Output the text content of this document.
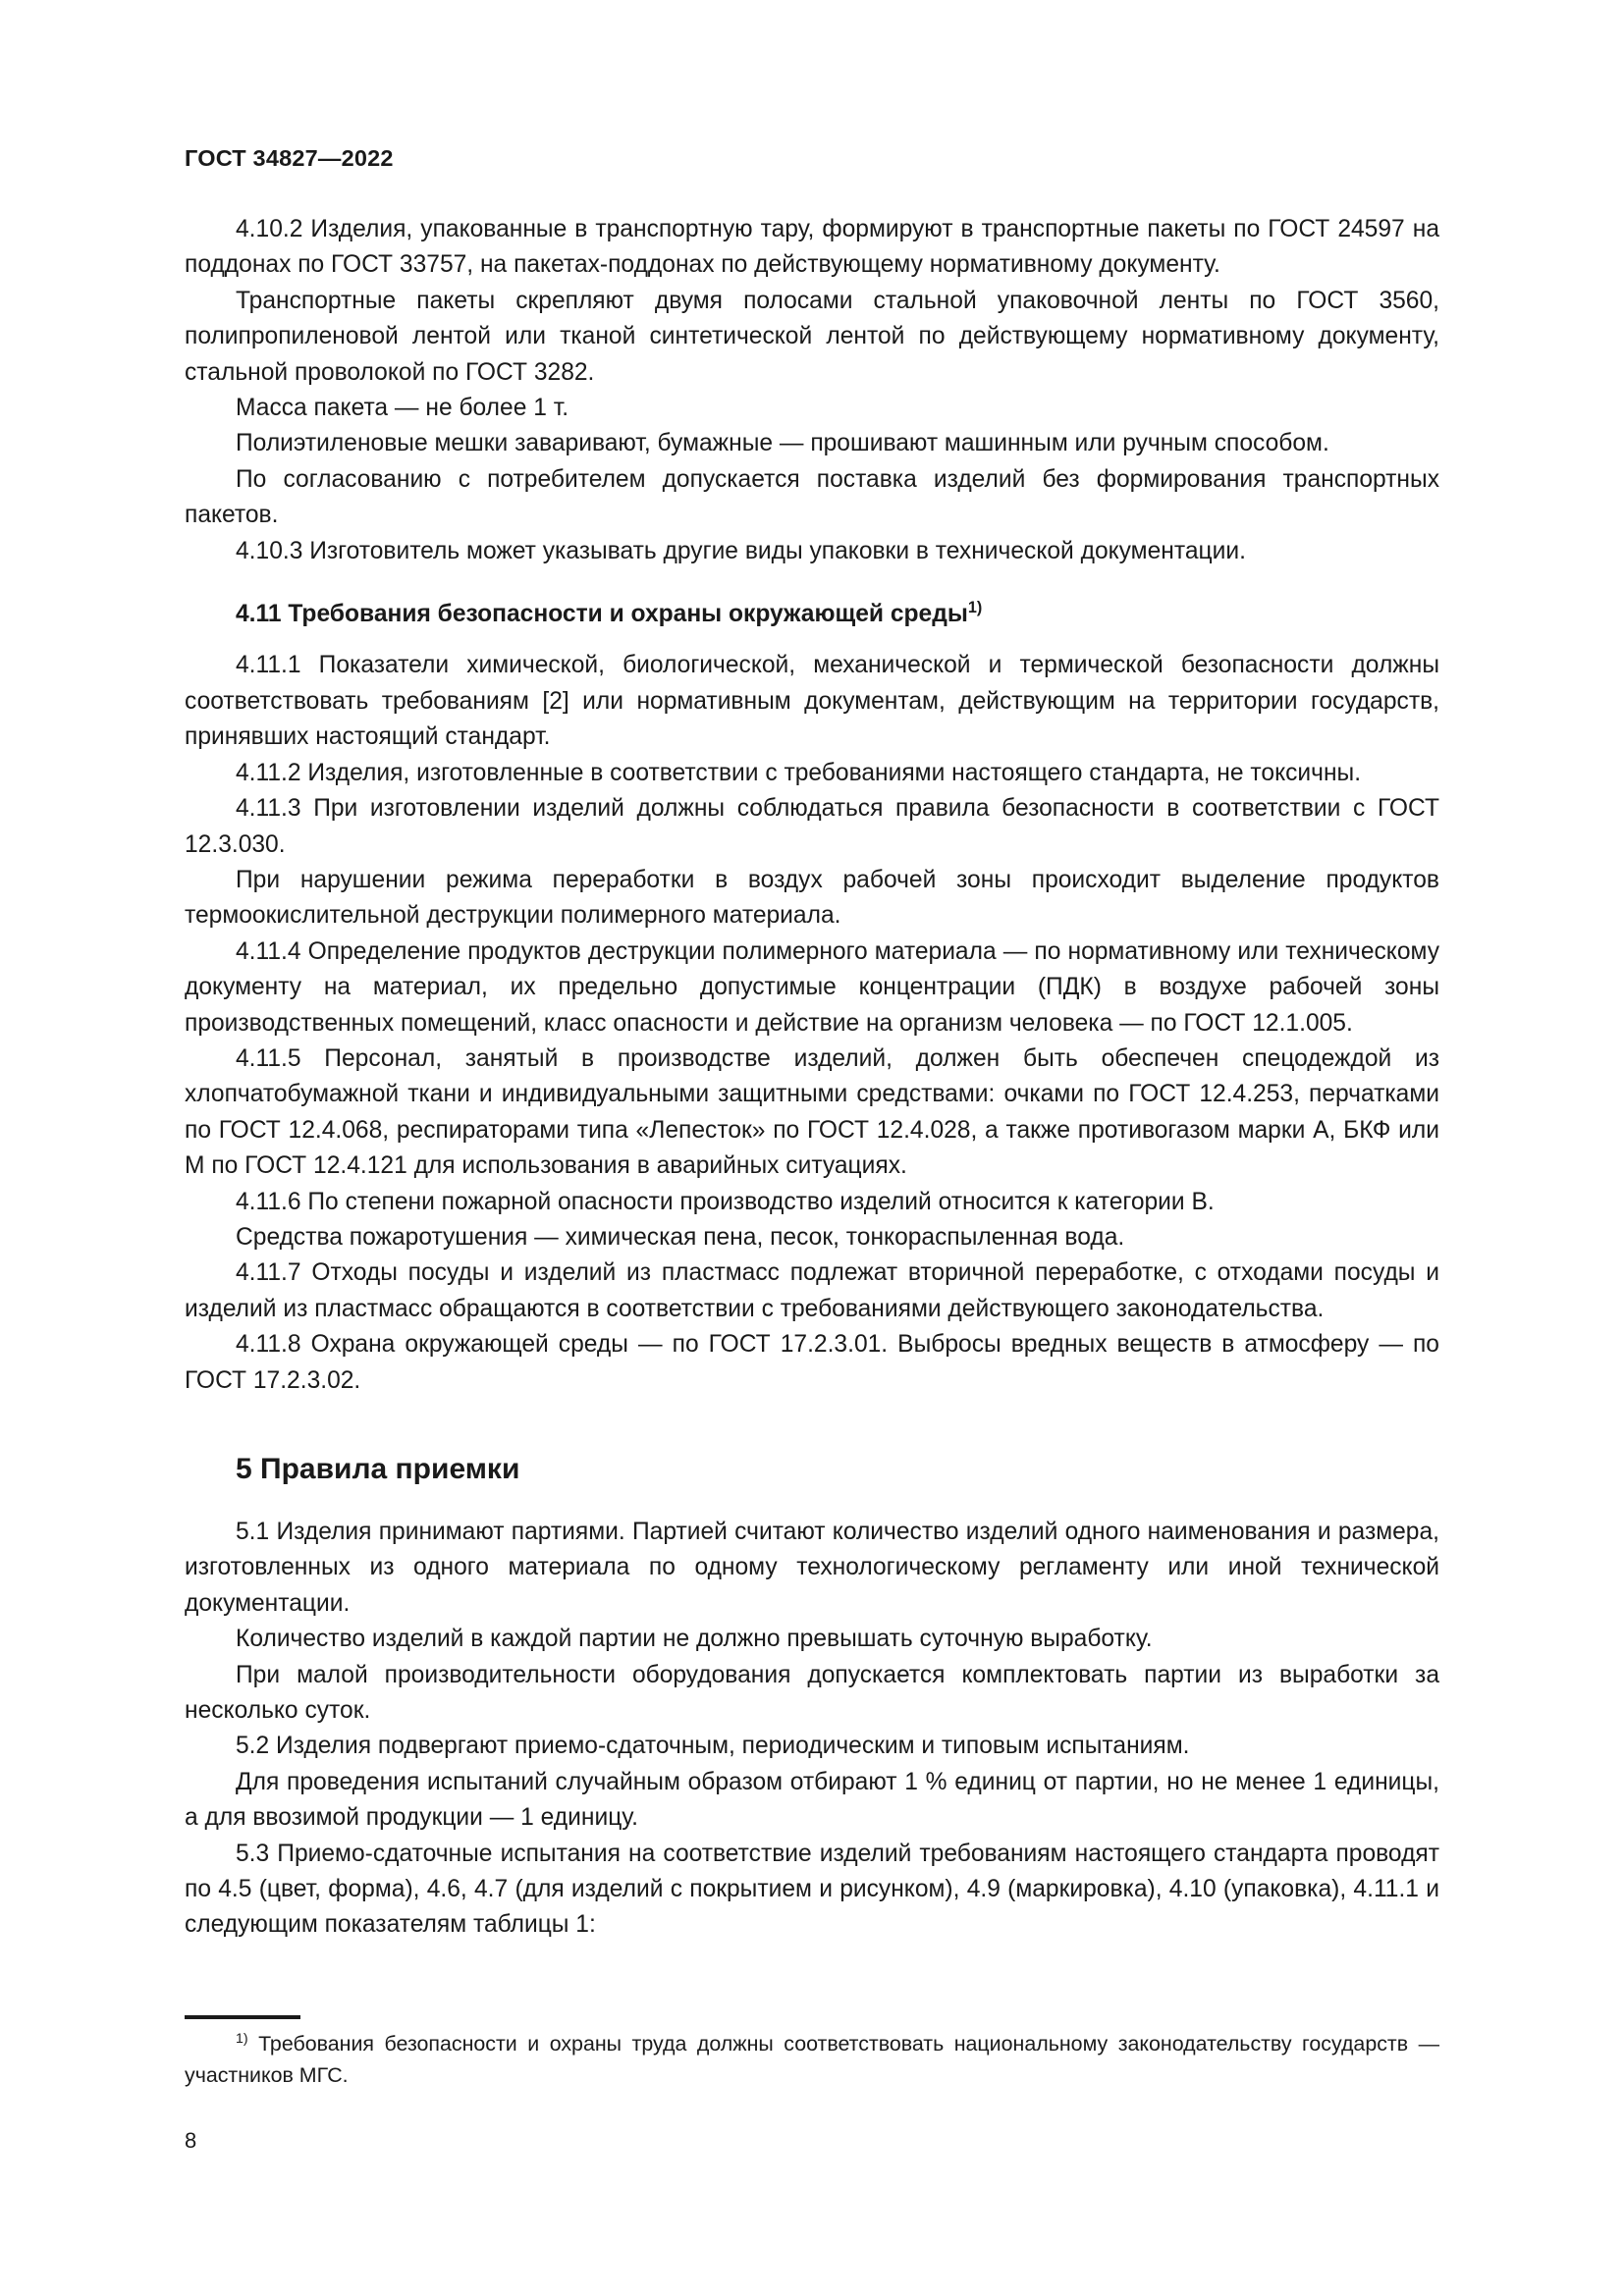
ГОСТ 34827—2022

4.10.2 Изделия, упакованные в транспортную тару, формируют в транспортные пакеты по ГОСТ 24597 на поддонах по ГОСТ 33757, на пакетах-поддонах по действующему нормативному документу.

Транспортные пакеты скрепляют двумя полосами стальной упаковочной ленты по ГОСТ 3560, полипропиленовой лентой или тканой синтетической лентой по действующему нормативному документу, стальной проволокой по ГОСТ 3282.

Масса пакета — не более 1 т.

Полиэтиленовые мешки заваривают, бумажные — прошивают машинным или ручным способом.

По согласованию с потребителем допускается поставка изделий без формирования транспортных пакетов.

4.10.3 Изготовитель может указывать другие виды упаковки в технической документации.

4.11 Требования безопасности и охраны окружающей среды$^{1)}$

4.11.1 Показатели химической, биологической, механической и термической безопасности должны соответствовать требованиям [2] или нормативным документам, действующим на территории государств, принявших настоящий стандарт.

4.11.2 Изделия, изготовленные в соответствии с требованиями настоящего стандарта, не токсичны.

4.11.3 При изготовлении изделий должны соблюдаться правила безопасности в соответствии с ГОСТ 12.3.030.

При нарушении режима переработки в воздух рабочей зоны происходит выделение продуктов термоокислительной деструкции полимерного материала.

4.11.4 Определение продуктов деструкции полимерного материала — по нормативному или техническому документу на материал, их предельно допустимые концентрации (ПДК) в воздухе рабочей зоны производственных помещений, класс опасности и действие на организм человека — по ГОСТ 12.1.005.

4.11.5 Персонал, занятый в производстве изделий, должен быть обеспечен спецодеждой из хлопчатобумажной ткани и индивидуальными защитными средствами: очками по ГОСТ 12.4.253, перчатками по ГОСТ 12.4.068, респираторами типа «Лепесток» по ГОСТ 12.4.028, а также противогазом марки А, БКФ или М по ГОСТ 12.4.121 для использования в аварийных ситуациях.

4.11.6 По степени пожарной опасности производство изделий относится к категории В.

Средства пожаротушения — химическая пена, песок, тонкораспыленная вода.

4.11.7 Отходы посуды и изделий из пластмасс подлежат вторичной переработке, с отходами посуды и изделий из пластмасс обращаются в соответствии с требованиями действующего законодательства.

4.11.8 Охрана окружающей среды — по ГОСТ 17.2.3.01. Выбросы вредных веществ в атмосферу — по ГОСТ 17.2.3.02.

5 Правила приемки

5.1 Изделия принимают партиями. Партией считают количество изделий одного наименования и размера, изготовленных из одного материала по одному технологическому регламенту или иной технической документации.

Количество изделий в каждой партии не должно превышать суточную выработку.

При малой производительности оборудования допускается комплектовать партии из выработки за несколько суток.

5.2 Изделия подвергают приемо-сдаточным, периодическим и типовым испытаниям.

Для проведения испытаний случайным образом отбирают 1 % единиц от партии, но не менее 1 единицы, а для ввозимой продукции — 1 единицу.

5.3 Приемо-сдаточные испытания на соответствие изделий требованиям настоящего стандарта проводят по 4.5 (цвет, форма), 4.6, 4.7 (для изделий с покрытием и рисунком), 4.9 (маркировка), 4.10 (упаковка), 4.11.1 и следующим показателям таблицы 1:

$^{1)}$ Требования безопасности и охраны труда должны соответствовать национальному законодательству государств — участников МГС.

8
